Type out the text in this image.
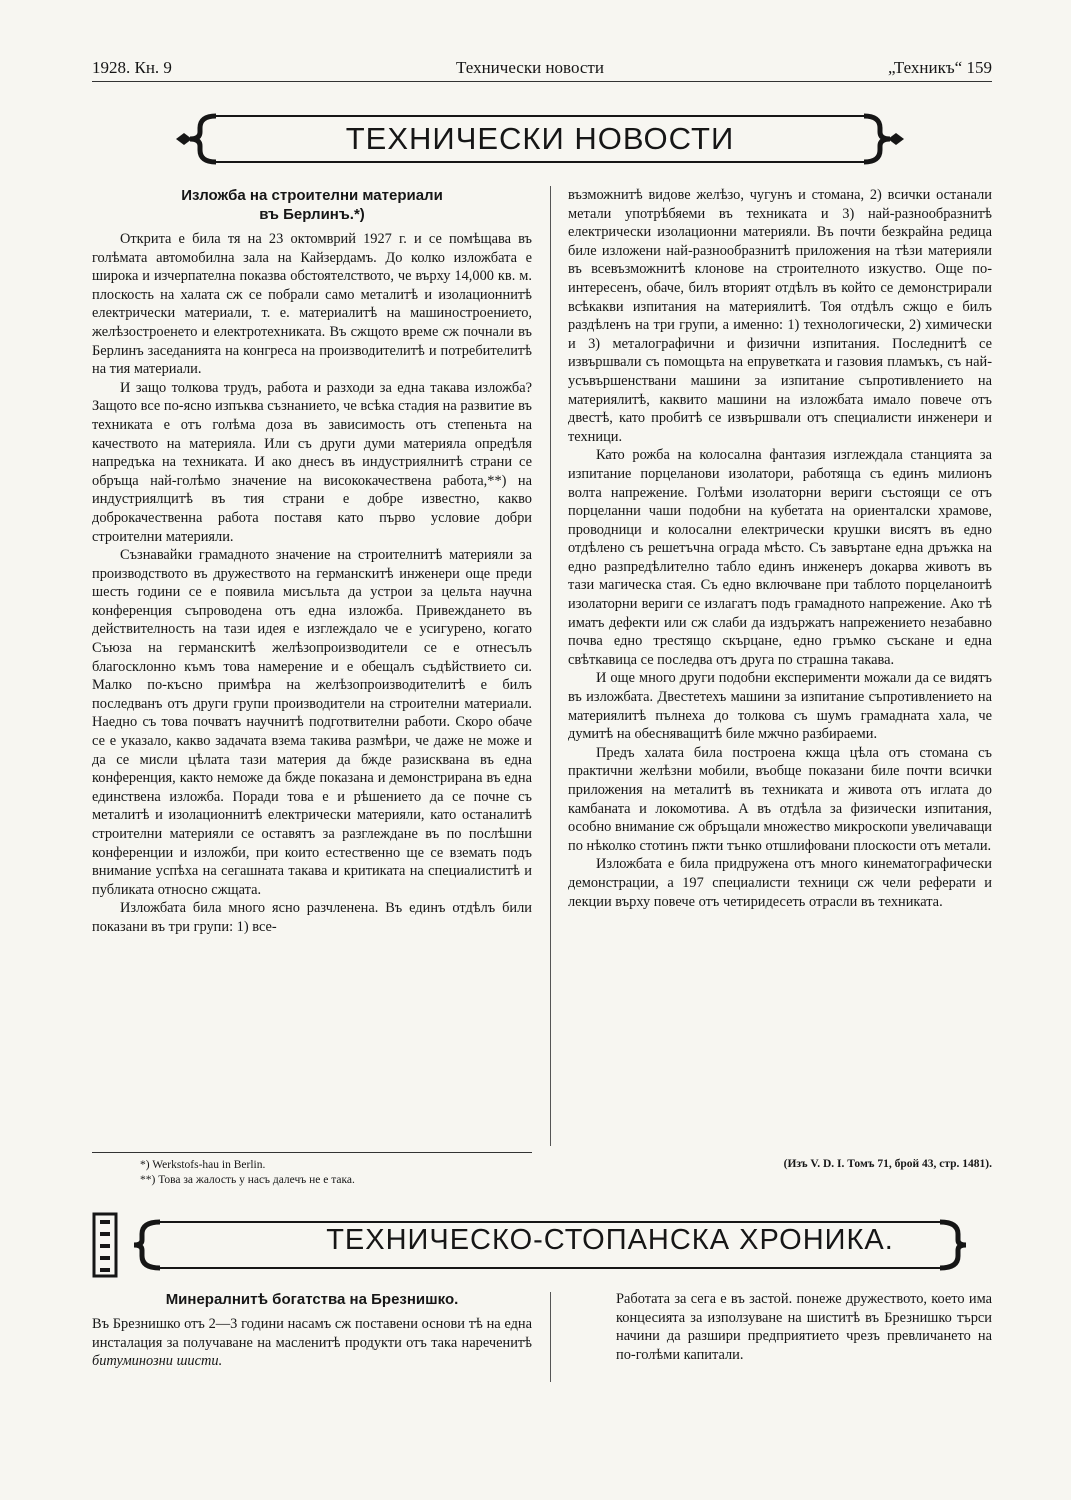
1928. Кн. 9	Технически новости	„Техникъ“ 159
ТЕХНИЧЕСКИ НОВОСТИ
Изложба на строителни материали
въ Берлинъ.*)

Открита е била тя на 23 октомврий 1927 г. и се помѣщава въ голѣмата автомобилна зала на Кайзердамъ. До колко изложбата е широка и изчерпателна показва обстоятелството, че върху 14,000 кв. м. плоскость на халата сж се побрали само металитѣ и изолационнитѣ електрически материали, т. е. материалитѣ на машиностроението, желѣзостроенето и електротехниката. Въ сжщото време сж почнали въ Берлинъ заседанията на конгреса на производителитѣ и потребителитѣ на тия материали.

И защо толкова трудъ, работа и разходи за една такава изложба? Защото все по-ясно изпъква съзнанието, че всѣка стадия на развитие въ техниката е отъ голѣма доза въ зависимость отъ степеньта на качеството на материяла. Или съ други думи материяла опредѣля напредъка на техниката. И ако днесъ въ индустриялнитѣ страни се обръща най-голѣмо значение на висококачествена работа,**) на индустриялцитѣ въ тия страни е добре известно, какво доброкачественна работа поставя като първо условие добри строителни материяли.

Съзнавайки грамадното значение на строителнитѣ материяли за производството въ дружеството на германскитѣ инженери още преди шесть години се е появила мисъльта да устрои за цельта научна конференция съпроводена отъ една изложба. Привеждането въ действителность на тази идея е изглеждало че е усигурено, когато Съюза на германскитѣ желѣзопроизводители се е отнесълъ благосклонно къмъ това намерение и е обещалъ съдѣйствието си. Малко по-късно примѣра на желѣзопроизводителитѣ е билъ последванъ отъ други групи производители на строителни материали. Наедно съ това почватъ научнитѣ подготвителни работи. Скоро обаче се е указало, какво задачата взема такива размѣри, че даже не може и да се мисли цѣлата тази материя да бжде разисквана въ една конференция, както неможе да бжде показана и демонстрирана въ една единствена изложба. Поради това е и рѣшението да се почне съ металитѣ и изолационнитѣ електрически материяли, като останалитѣ строителни материяли се оставятъ за разглеждане въ по послѣшни конференции и изложби, при които естественно ще се вземать подъ внимание успѣха на сегашната такава и критиката на специалиститѣ и публиката относно сжщата.

Изложбата била много ясно разчленена. Въ единъ отдѣлъ били показани въ три групи: 1) все-

възможнитѣ видове желѣзо, чугунъ и стомана, 2) всички останали метали употрѣбяеми въ техниката и 3) най-разнообразнитѣ електрически изолационни материяли. Въ почти безкрайна редица биле изложени най-разнообразнитѣ приложения на тѣзи материяли въ всевъзможнитѣ клонове на строителното изкуство. Още по-интересенъ, обаче, билъ вторият отдѣлъ въ който се демонстрирали всѣкакви изпитания на материялитѣ. Тоя отдѣлъ сжщо е билъ раздѣленъ на три групи, а именно: 1) технологически, 2) химически и 3) металографични и физични изпитания. Последнитѣ се извършвали съ помощьта на епруветката и газовия пламъкъ, съ най-усъвършенствани машини за изпитание съпротивлението на материялитѣ, каквито машини на изложбата имало повече отъ двестѣ, като пробитѣ се извършвали отъ специалисти инженери и техници.

Като рожба на колосална фантазия изглеждала станцията за изпитание порцеланови изолатори, работяща съ единъ милионъ волта напрежение. Голѣми изолаторни вериги състоящи се отъ порцеланни чаши подобни на кубетата на ориенталски храмове, проводници и колосални електрически крушки висятъ въ едно отдѣлено съ решетъчна ограда мѣсто. Съ завъртане една дръжка на едно разпредѣлително табло единъ инженеръ докарва животъ въ тази магическа стая. Съ едно включване при таблото порцеланоитѣ изолаторни вериги се излагатъ подъ грамадното напрежение. Ако тѣ иматъ дефекти или сж слаби да издържатъ напрежението незабавно почва едно трестящо скърцане, едно гръмко съскане и една свѣткавица се последва отъ друга по страшна такава.

И още много други подобни експерименти можали да се видятъ въ изложбата. Двестетехъ машини за изпитание съпротивлението на материялитѣ пълнеха до толкова съ шумъ грамадната хала, че думитѣ на обесняващитѣ биле мжчно разбираеми.

Предъ халата била построена кжща цѣла отъ стомана съ практични желѣзни мобили, въобще показани биле почти всички приложения на металитѣ въ техниката и живота отъ иглата до камбаната и локомотива. А въ отдѣла за физически изпитания, особно внимание сж обръщали множество микроскопи увеличаващи по нѣколко стотинъ пжти тънко отшлифовани плоскости отъ метали.

Изложбата е била придружена отъ много кинематографически демонстрации, а 197 специалисти техници сж чели реферати и лекции върху повече отъ четиридесеть отрасли въ техниката.

*) Werkstofs-hau in Berlin.
**) Това за жалость у насъ далечъ не е така.
(Изъ V. D. I. Томъ 71, брой 43, стр. 1481).
ТЕХНИЧЕСКО-СТОПАНСКА ХРОНИКА.
Минералнитѣ богатства на Брезнишко.

Въ Брезнишко отъ 2—3 години насамъ сж поставени основи тѣ на една инсталация за получаване на масленитѣ продукти отъ така нареченитѣ битуминозни шисти.

Работата за сега е въ застой. понеже дружеството, което има концесията за използуване на шиститѣ въ Брезнишко търси начини да разшири предприятието чрезъ превличането на по-голѣми капитали.
